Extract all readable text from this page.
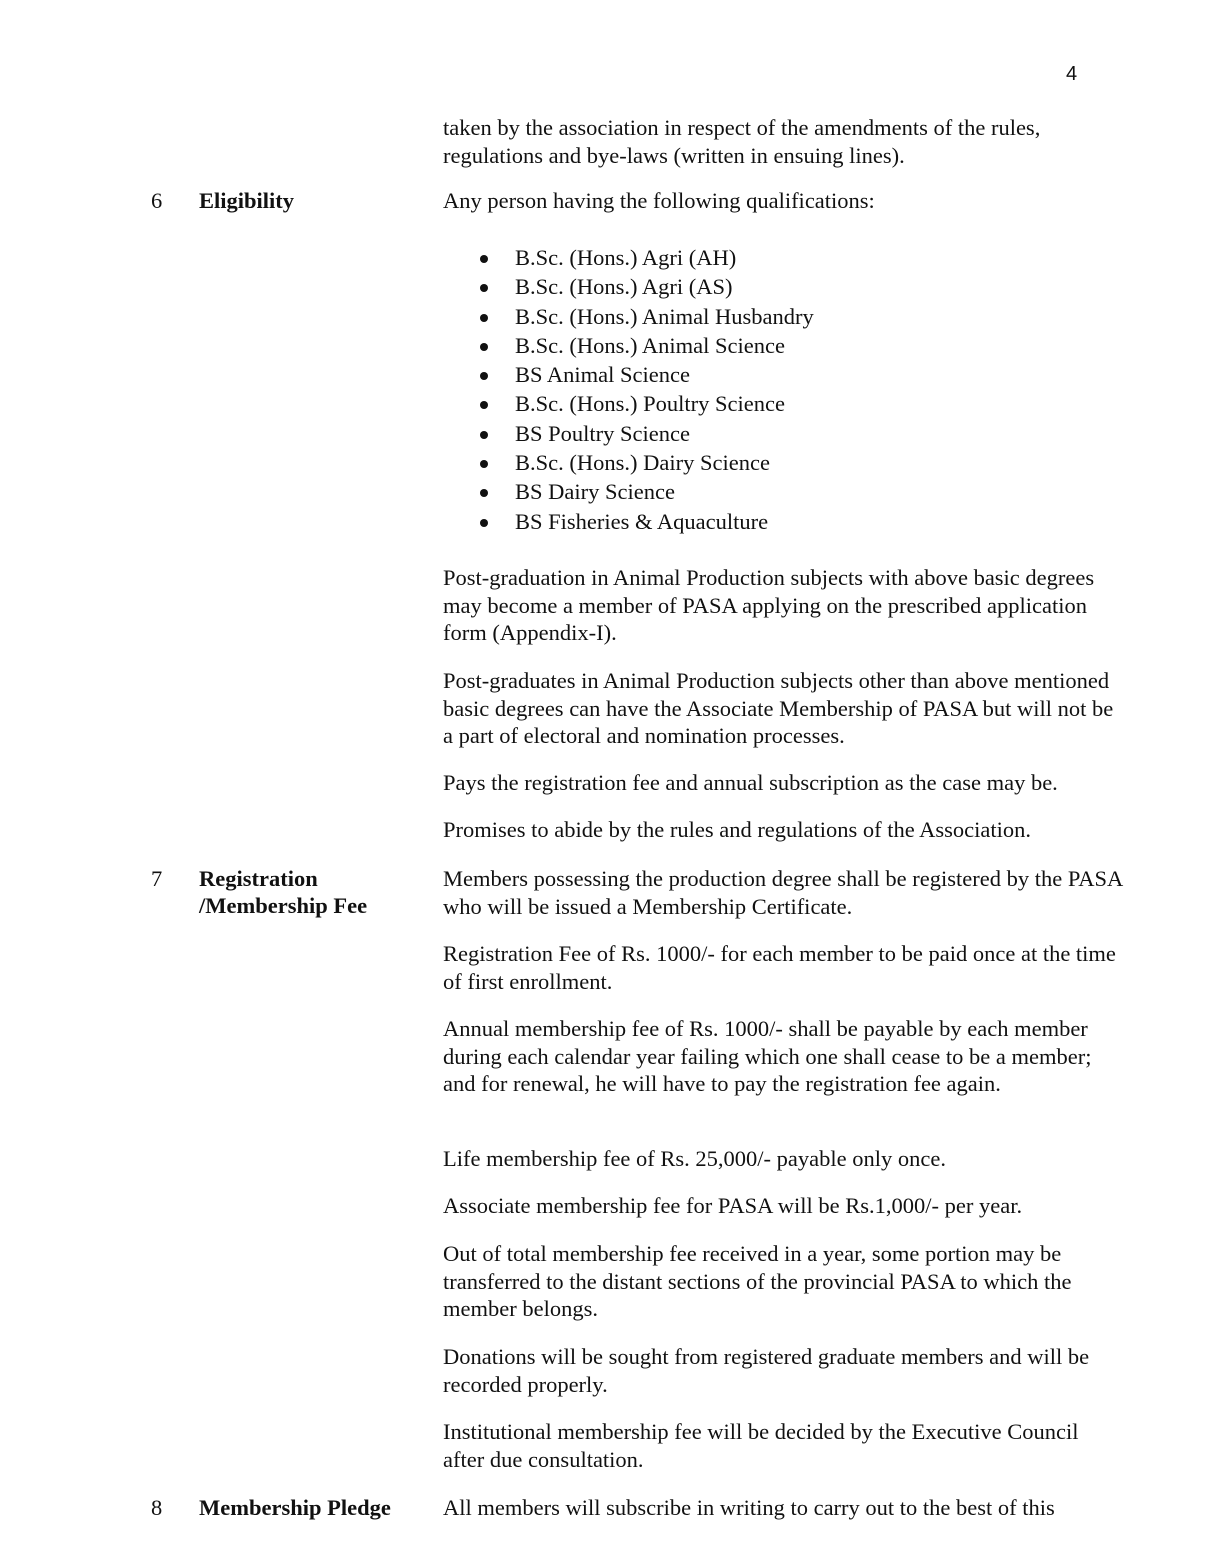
4

taken by the association in respect of the amendments of the rules, regulations and bye-laws (written in ensuing lines).

6 Eligibility	Any person having the following qualifications:

B.Sc. (Hons.) Agri (AH)
B.Sc. (Hons.) Agri (AS)
B.Sc. (Hons.) Animal Husbandry
B.Sc. (Hons.) Animal Science
BS Animal Science
B.Sc. (Hons.) Poultry Science
BS Poultry Science
B.Sc. (Hons.) Dairy Science
BS Dairy Science
BS Fisheries & Aquaculture

Post-graduation in Animal Production subjects with above basic degrees may become a member of PASA applying on the prescribed application form (Appendix-I).

Post-graduates in Animal Production subjects other than above mentioned basic degrees can have the Associate Membership of PASA but will not be a part of electoral and nomination processes.

Pays the registration fee and annual subscription as the case may be.

Promises to abide by the rules and regulations of the Association.

7 Registration
/Membership Fee

Members possessing the production degree shall be registered by the PASA who will be issued a Membership Certificate.

Registration Fee of Rs. 1000/- for each member to be paid once at the time of first enrollment.

Annual membership fee of Rs. 1000/- shall be payable by each member during each calendar year failing which one shall cease to be a member; and for renewal, he will have to pay the registration fee again.

Life membership fee of Rs. 25,000/- payable only once.

Associate membership fee for PASA will be Rs.1,000/- per year.

Out of total membership fee received in a year, some portion may be transferred to the distant sections of the provincial PASA to which the member belongs.

Donations will be sought from registered graduate members and will be recorded properly.

Institutional membership fee will be decided by the Executive Council after due consultation.

8 Membership Pledge	All members will subscribe in writing to carry out to the best of this
